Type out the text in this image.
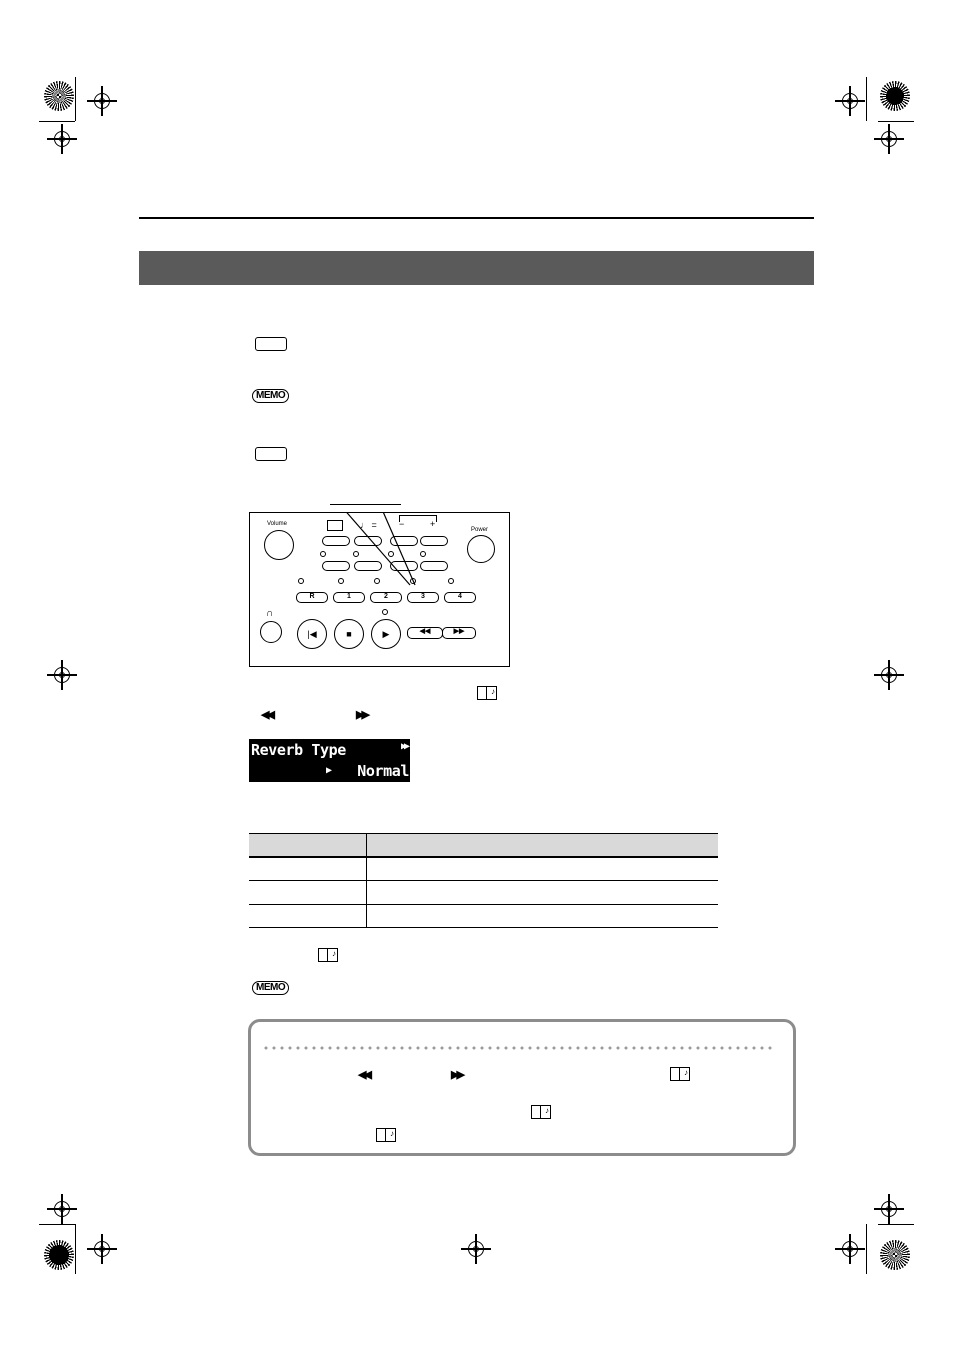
MEMO
Volume	♩ = −	+
Power
R	1	2	3	4
∩
|◀	■	▶	◀◀	▶▶
♪
◀◀	▶▶
Reverb Type	▶▶
▶ Normal
♪
MEMO
◀◀	▶▶	♪
♪
♪
